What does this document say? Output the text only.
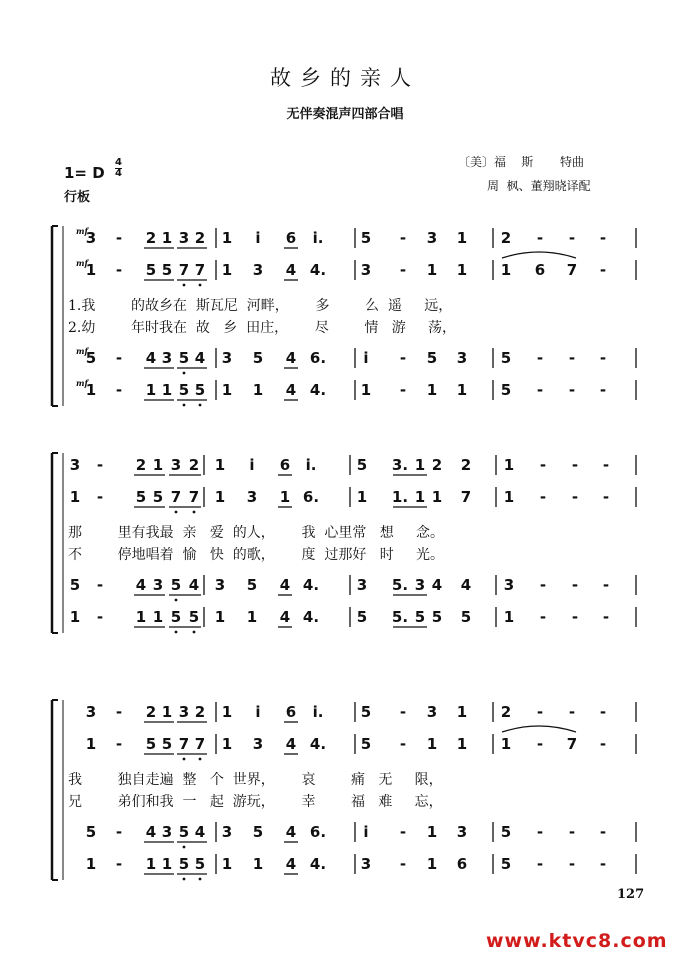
故乡的亲人
无伴奏混声四部合唱
1= D $\frac{4}{4}$
行板
〔美〕福    斯       特曲
周  枫、董翔晓译配
mf
3 - 2 1 3 2 1 i 6 i. 5 - 3 1 2 - - -
mf
1 - 5 5 7 7 1 3 4 4. 3 - 1 1 1 6 7 -
mf
5 - 4 3 5 4 3 5 4 6. i - 5 3 5 - - -
mf
1 - 1 1 5 5 1 1 4 4. 1 - 1 1 5 - - -
1.我        的故乡在  斯瓦尼  河畔，      多        么  遥     远，
2.幼        年时我在  故   乡  田庄，      尽        情   游     荡，
3 - 2 1 3 2 1 i 6 i.	5 3. 1 2 2 1 - - -
1 - 5 5 7 7 1 3 1 6.	1 1. 1 1 7 1 - - -
5 - 4 3 5 4 3 5 4 4.	3 5. 3 4 4 3 - - -
1 - 1 1 5 5 1 1 4 4.	5 5. 5 5 5 1 - - -
那        里有我最  亲   爱  的人，      我  心里常   想     念。
不        停地唱着  愉   快  的歌，      度  过那好   时     光。
3 - 2 1 3 2 1 i 6 i. 5 - 3 1 2 - - -
1 - 5 5 7 7 1 3 4 4. 5 - 1 1 1 - 7 -
5 - 4 3 5 4 3 5 4 6. i - 1 3 5 - - -
1 - 1 1 5 5 1 1 4 4. 3 - 1 6 5 - - -
我        独自走遍  整   个  世界，      哀        痛   无     限，
兄        弟们和我  一   起  游玩，      幸        福   难     忘，
127
www.ktvc8.com
